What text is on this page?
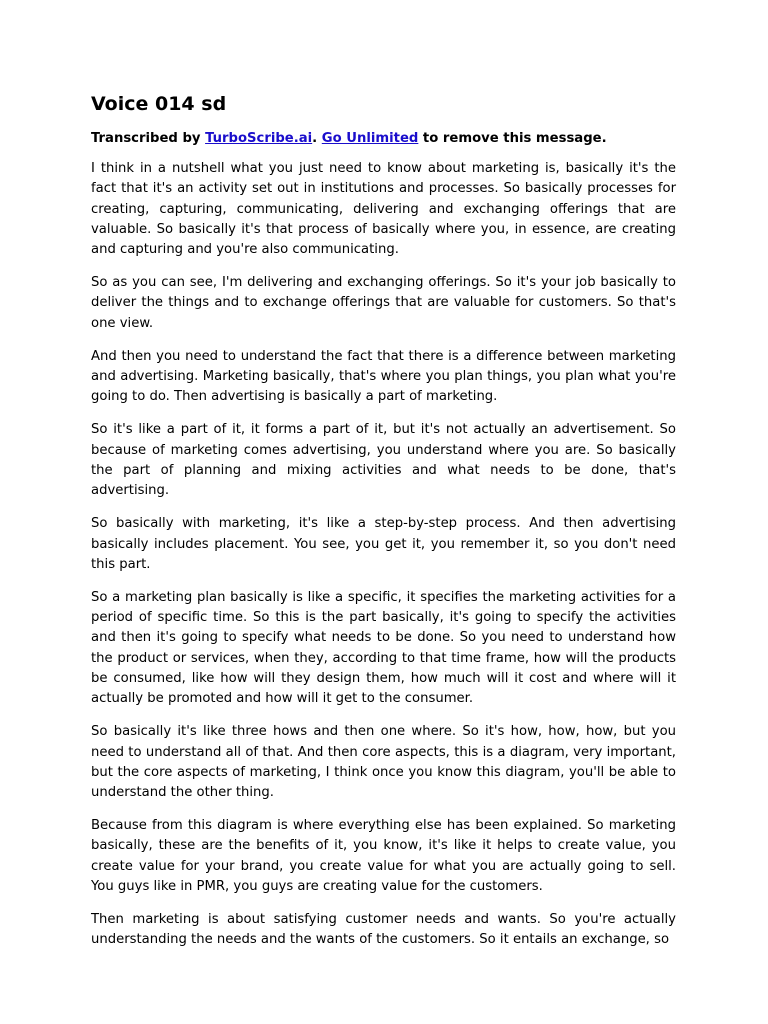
Voice 014 sd

Transcribed by TurboScribe.ai. Go Unlimited to remove this message.

I think in a nutshell what you just need to know about marketing is, basically it's the fact that it's an activity set out in institutions and processes. So basically processes for creating, capturing, communicating, delivering and exchanging offerings that are valuable. So basically it's that process of basically where you, in essence, are creating and capturing and you're also communicating.

So as you can see, I'm delivering and exchanging offerings. So it's your job basically to deliver the things and to exchange offerings that are valuable for customers. So that's one view.

And then you need to understand the fact that there is a difference between marketing and advertising. Marketing basically, that's where you plan things, you plan what you're going to do. Then advertising is basically a part of marketing.

So it's like a part of it, it forms a part of it, but it's not actually an advertisement. So because of marketing comes advertising, you understand where you are. So basically the part of planning and mixing activities and what needs to be done, that's advertising.

So basically with marketing, it's like a step-by-step process. And then advertising basically includes placement. You see, you get it, you remember it, so you don't need this part.

So a marketing plan basically is like a specific, it specifies the marketing activities for a period of specific time. So this is the part basically, it's going to specify the activities and then it's going to specify what needs to be done. So you need to understand how the product or services, when they, according to that time frame, how will the products be consumed, like how will they design them, how much will it cost and where will it actually be promoted and how will it get to the consumer.

So basically it's like three hows and then one where. So it's how, how, how, but you need to understand all of that. And then core aspects, this is a diagram, very important, but the core aspects of marketing, I think once you know this diagram, you'll be able to understand the other thing.

Because from this diagram is where everything else has been explained. So marketing basically, these are the benefits of it, you know, it's like it helps to create value, you create value for your brand, you create value for what you are actually going to sell. You guys like in PMR, you guys are creating value for the customers.

Then marketing is about satisfying customer needs and wants. So you're actually understanding the needs and the wants of the customers. So it entails an exchange, so
